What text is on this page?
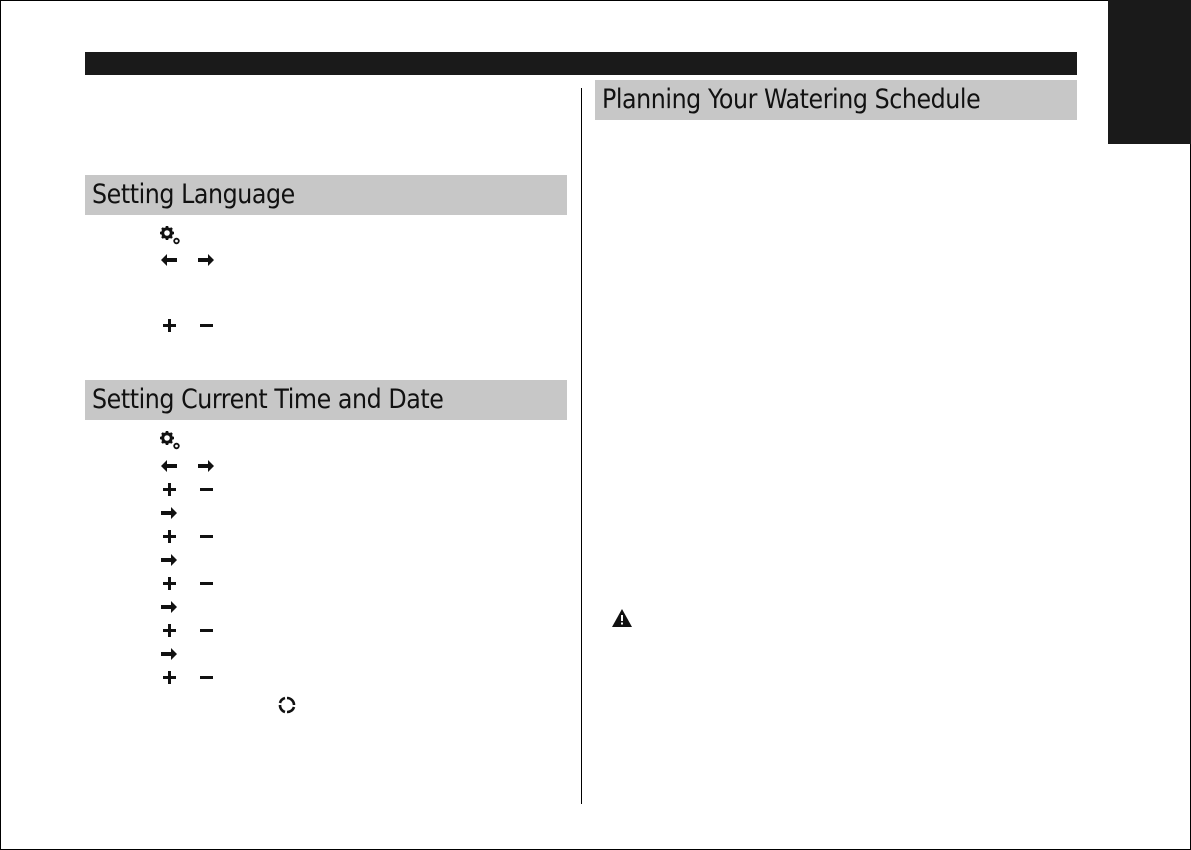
Setting Language
Setting Current Time and Date
Planning Your Watering Schedule
